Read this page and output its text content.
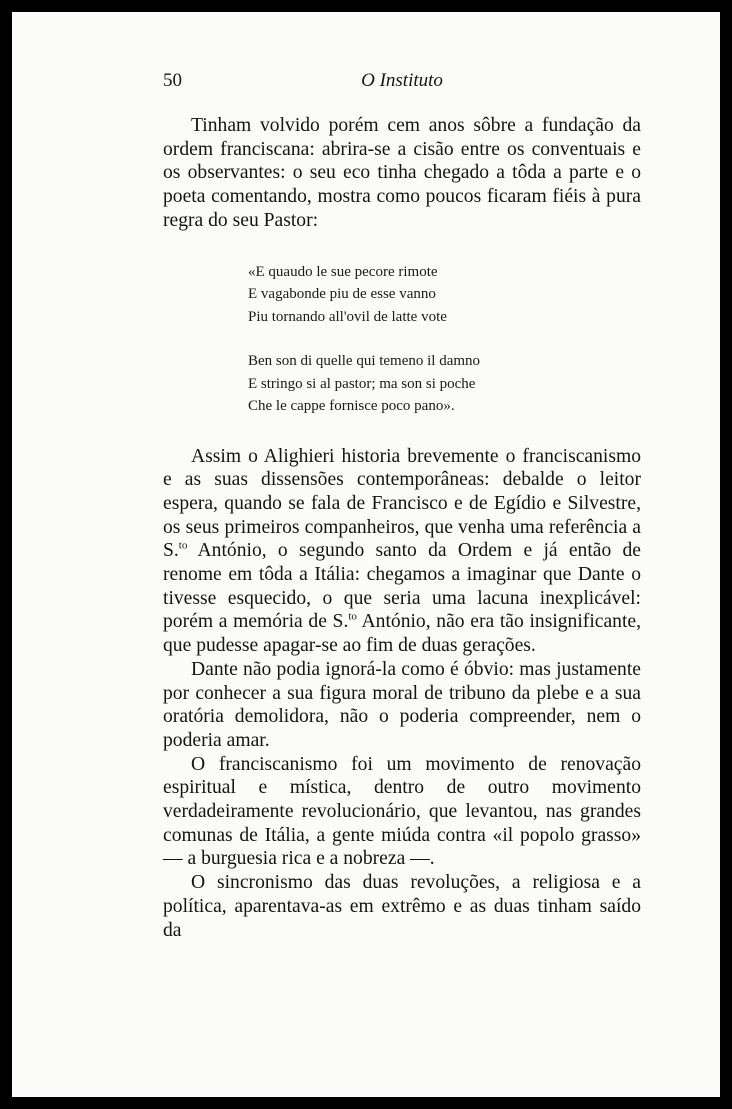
50	O Instituto

Tinham volvido porém cem anos sôbre a fundação da ordem franciscana: abrira-se a cisão entre os conventuais e os observantes: o seu eco tinha chegado a tôda a parte e o poeta comentando, mostra como poucos ficaram fiéis à pura regra do seu Pastor:

«E quaudo le sue pecore rimote
E vagabonde piu de esse vanno
Piu tornando all'ovil de latte vote
Ben son di quelle qui temeno il damno
E stringo si al pastor; ma son si poche
Che le cappe fornisce poco pano».

Assim o Alighieri historia brevemente o franciscanismo e as suas dissensões contemporâneas: debalde o leitor espera, quando se fala de Francisco e de Egídio e Silvestre, os seus primeiros companheiros, que venha uma referência a S.$^{to}$ António, o segundo santo da Ordem e já então de renome em tôda a Itália: chegamos a imaginar que Dante o tivesse esquecido, o que seria uma lacuna inexplicável: porém a memória de S.$^{to}$ António, não era tão insignificante, que pudesse apagar-se ao fim de duas gerações.

Dante não podia ignorá-la como é óbvio: mas justamente por conhecer a sua figura moral de tribuno da plebe e a sua oratória demolidora, não o poderia compreender, nem o poderia amar.

O franciscanismo foi um movimento de renovação espiritual e mística, dentro de outro movimento verdadeiramente revolucionário, que levantou, nas grandes comunas de Itália, a gente miúda contra «il popolo grasso» — a burguesia rica e a nobreza —.

O sincronismo das duas revoluções, a religiosa e a política, aparentava-as em extrêmo e as duas tinham saído da
